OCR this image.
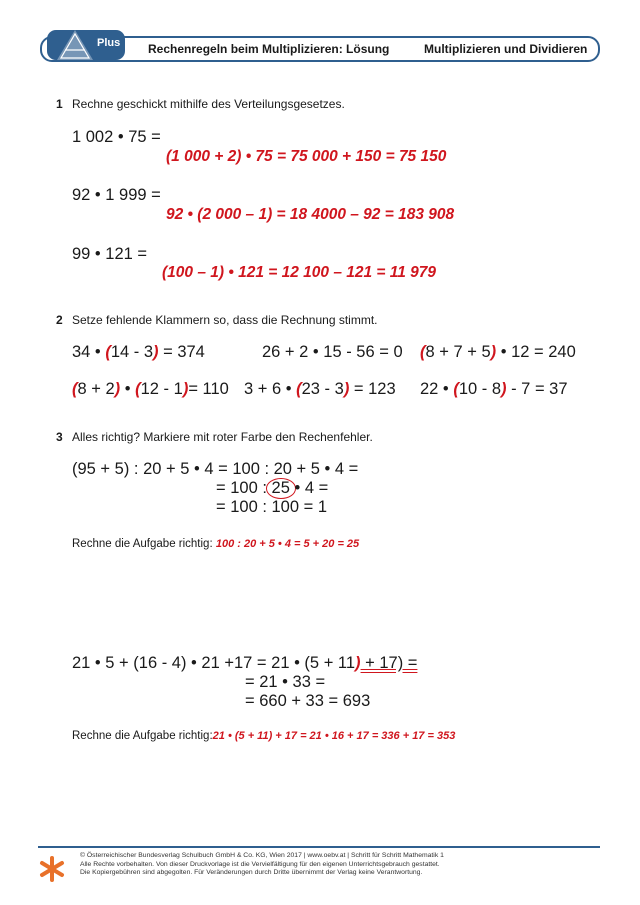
Plus Rechenregeln beim Multiplizieren: Lösung	Multiplizieren und Dividieren
1 Rechne geschickt mithilfe des Verteilungsgesetzes.
1 002 • 75 =
(1 000 + 2) • 75 = 75 000 + 150 = 75 150
92 • 1 999 =
92 • (2 000 – 1) = 18 4000 – 92 = 183 908
99 • 121 =
(100 – 1) • 121 = 12 100 – 121 = 11 979
2 Setze fehlende Klammern so, dass die Rechnung stimmt.
34 • (14 - 3) = 374	26 + 2 • 15 - 56 = 0 (8 + 7 + 5) • 12 = 240
(8 + 2) • (12 - 1)= 110 3 + 6 • (23 - 3) = 123 22 • (10 - 8) - 7 = 37
3 Alles richtig? Markiere mit roter Farbe den Rechenfehler.
(95 + 5) : 20 + 5 • 4 = 100 : 20 + 5 • 4 =
= 100 : 25 • 4 =
= 100 : 100 = 1
Rechne die Aufgabe richtig: 100 : 20 + 5 • 4 = 5 + 20 = 25
21 • 5 + (16 - 4) • 21 +17 = 21 • (5 + 11) + 17) =
= 21 • 33 =
= 660 + 33 = 693
Rechne die Aufgabe richtig:21 • (5 + 11) + 17 = 21 • 16 + 17 = 336 + 17 = 353
© Österreichischer Bundesverlag Schulbuch GmbH & Co. KG, Wien 2017 | www.oebv.at | Schritt für Schritt Mathematik 1
Alle Rechte vorbehalten. Von dieser Druckvorlage ist die Vervielfältigung für den eigenen Unterrichtsgebrauch gestattet.
Die Kopiergebühren sind abgegolten. Für Veränderungen durch Dritte übernimmt der Verlag keine Verantwortung.
